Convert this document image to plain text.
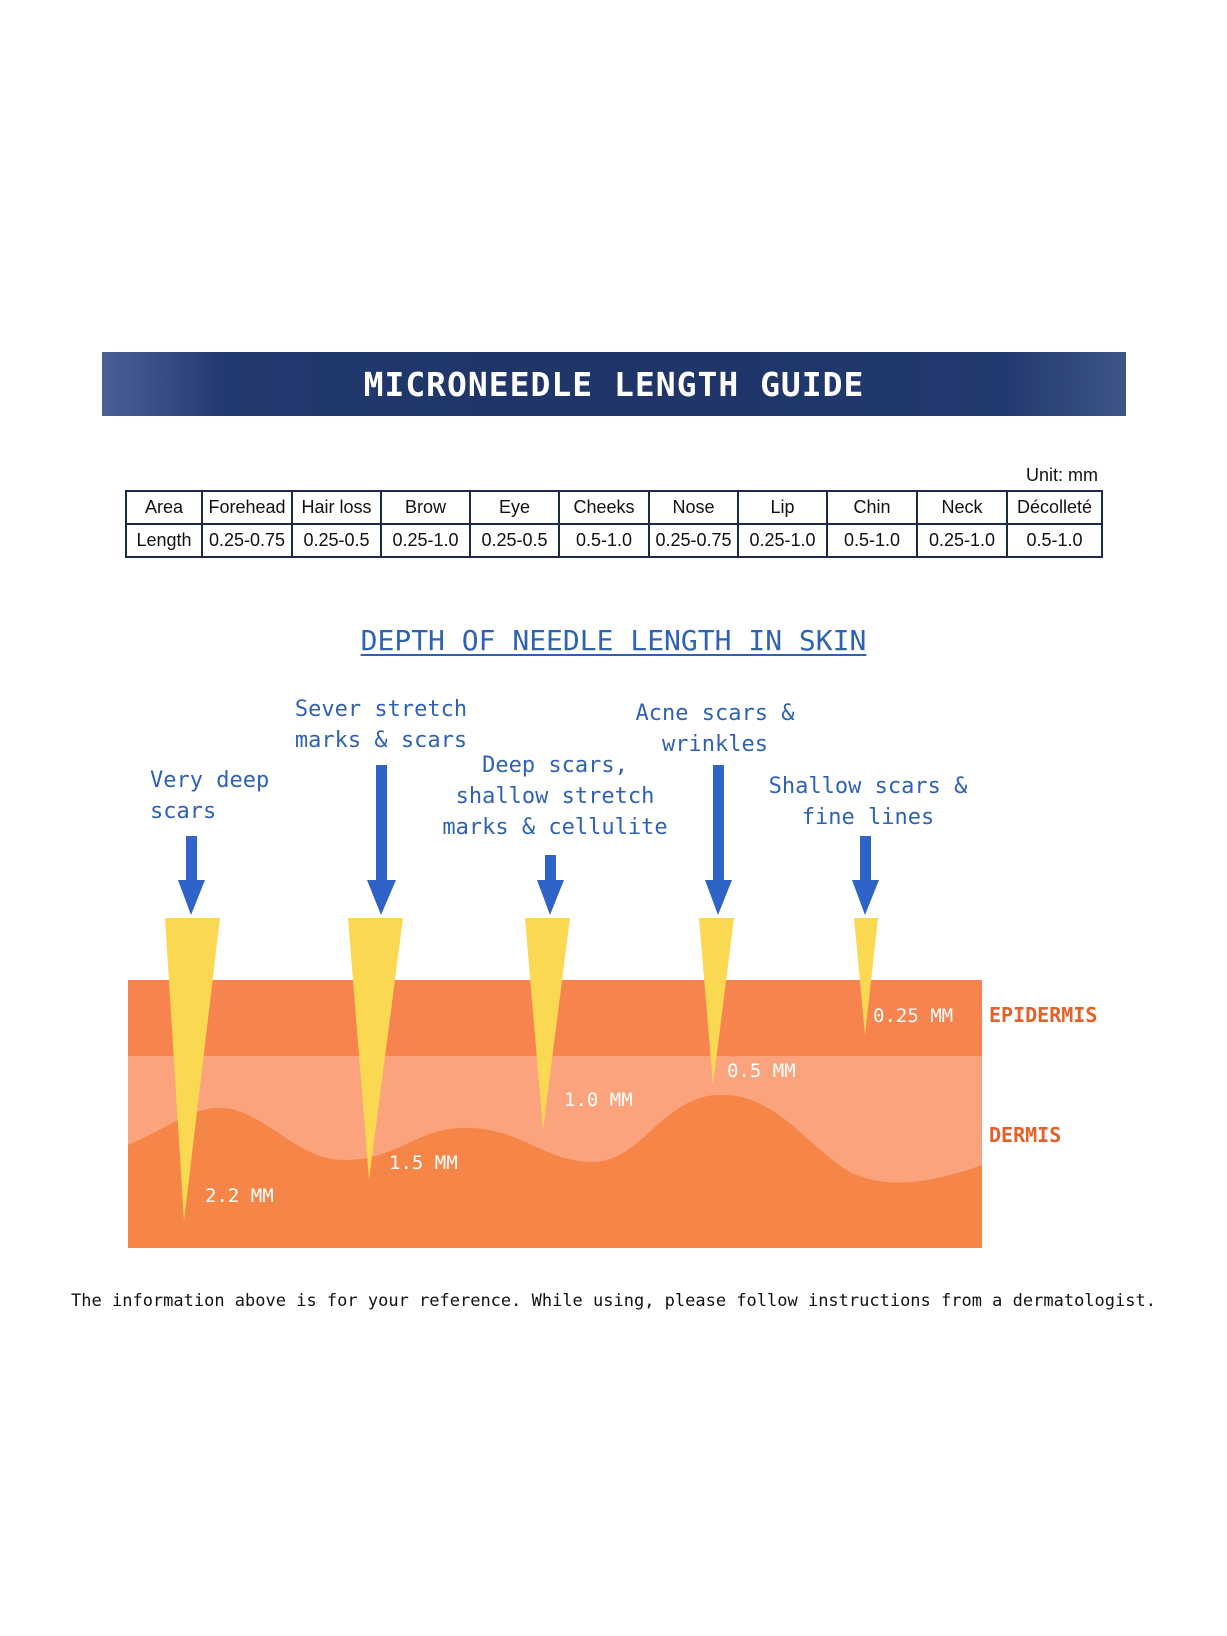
MICRONEEDLE LENGTH GUIDE
Unit: mm
Area	Forehead	Hair loss	Brow	Eye	Cheeks	Nose	Lip	Chin	Neck	Décolleté
Length	0.25-0.75	0.25-0.5	0.25-1.0	0.25-0.5	0.5-1.0	0.25-0.75	0.25-1.0	0.5-1.0	0.25-1.0	0.5-1.0
DEPTH OF NEEDLE LENGTH IN SKIN
Very deep
scars
Sever stretch
marks & scars
Deep scars,
shallow stretch
marks & cellulite
Acne scars &
wrinkles
Shallow scars &
fine lines
2.2 MM
1.5 MM
1.0 MM
0.5 MM
0.25 MM EPIDERMIS
DERMIS
The information above is for your reference. While using, please follow instructions from a dermatologist.
